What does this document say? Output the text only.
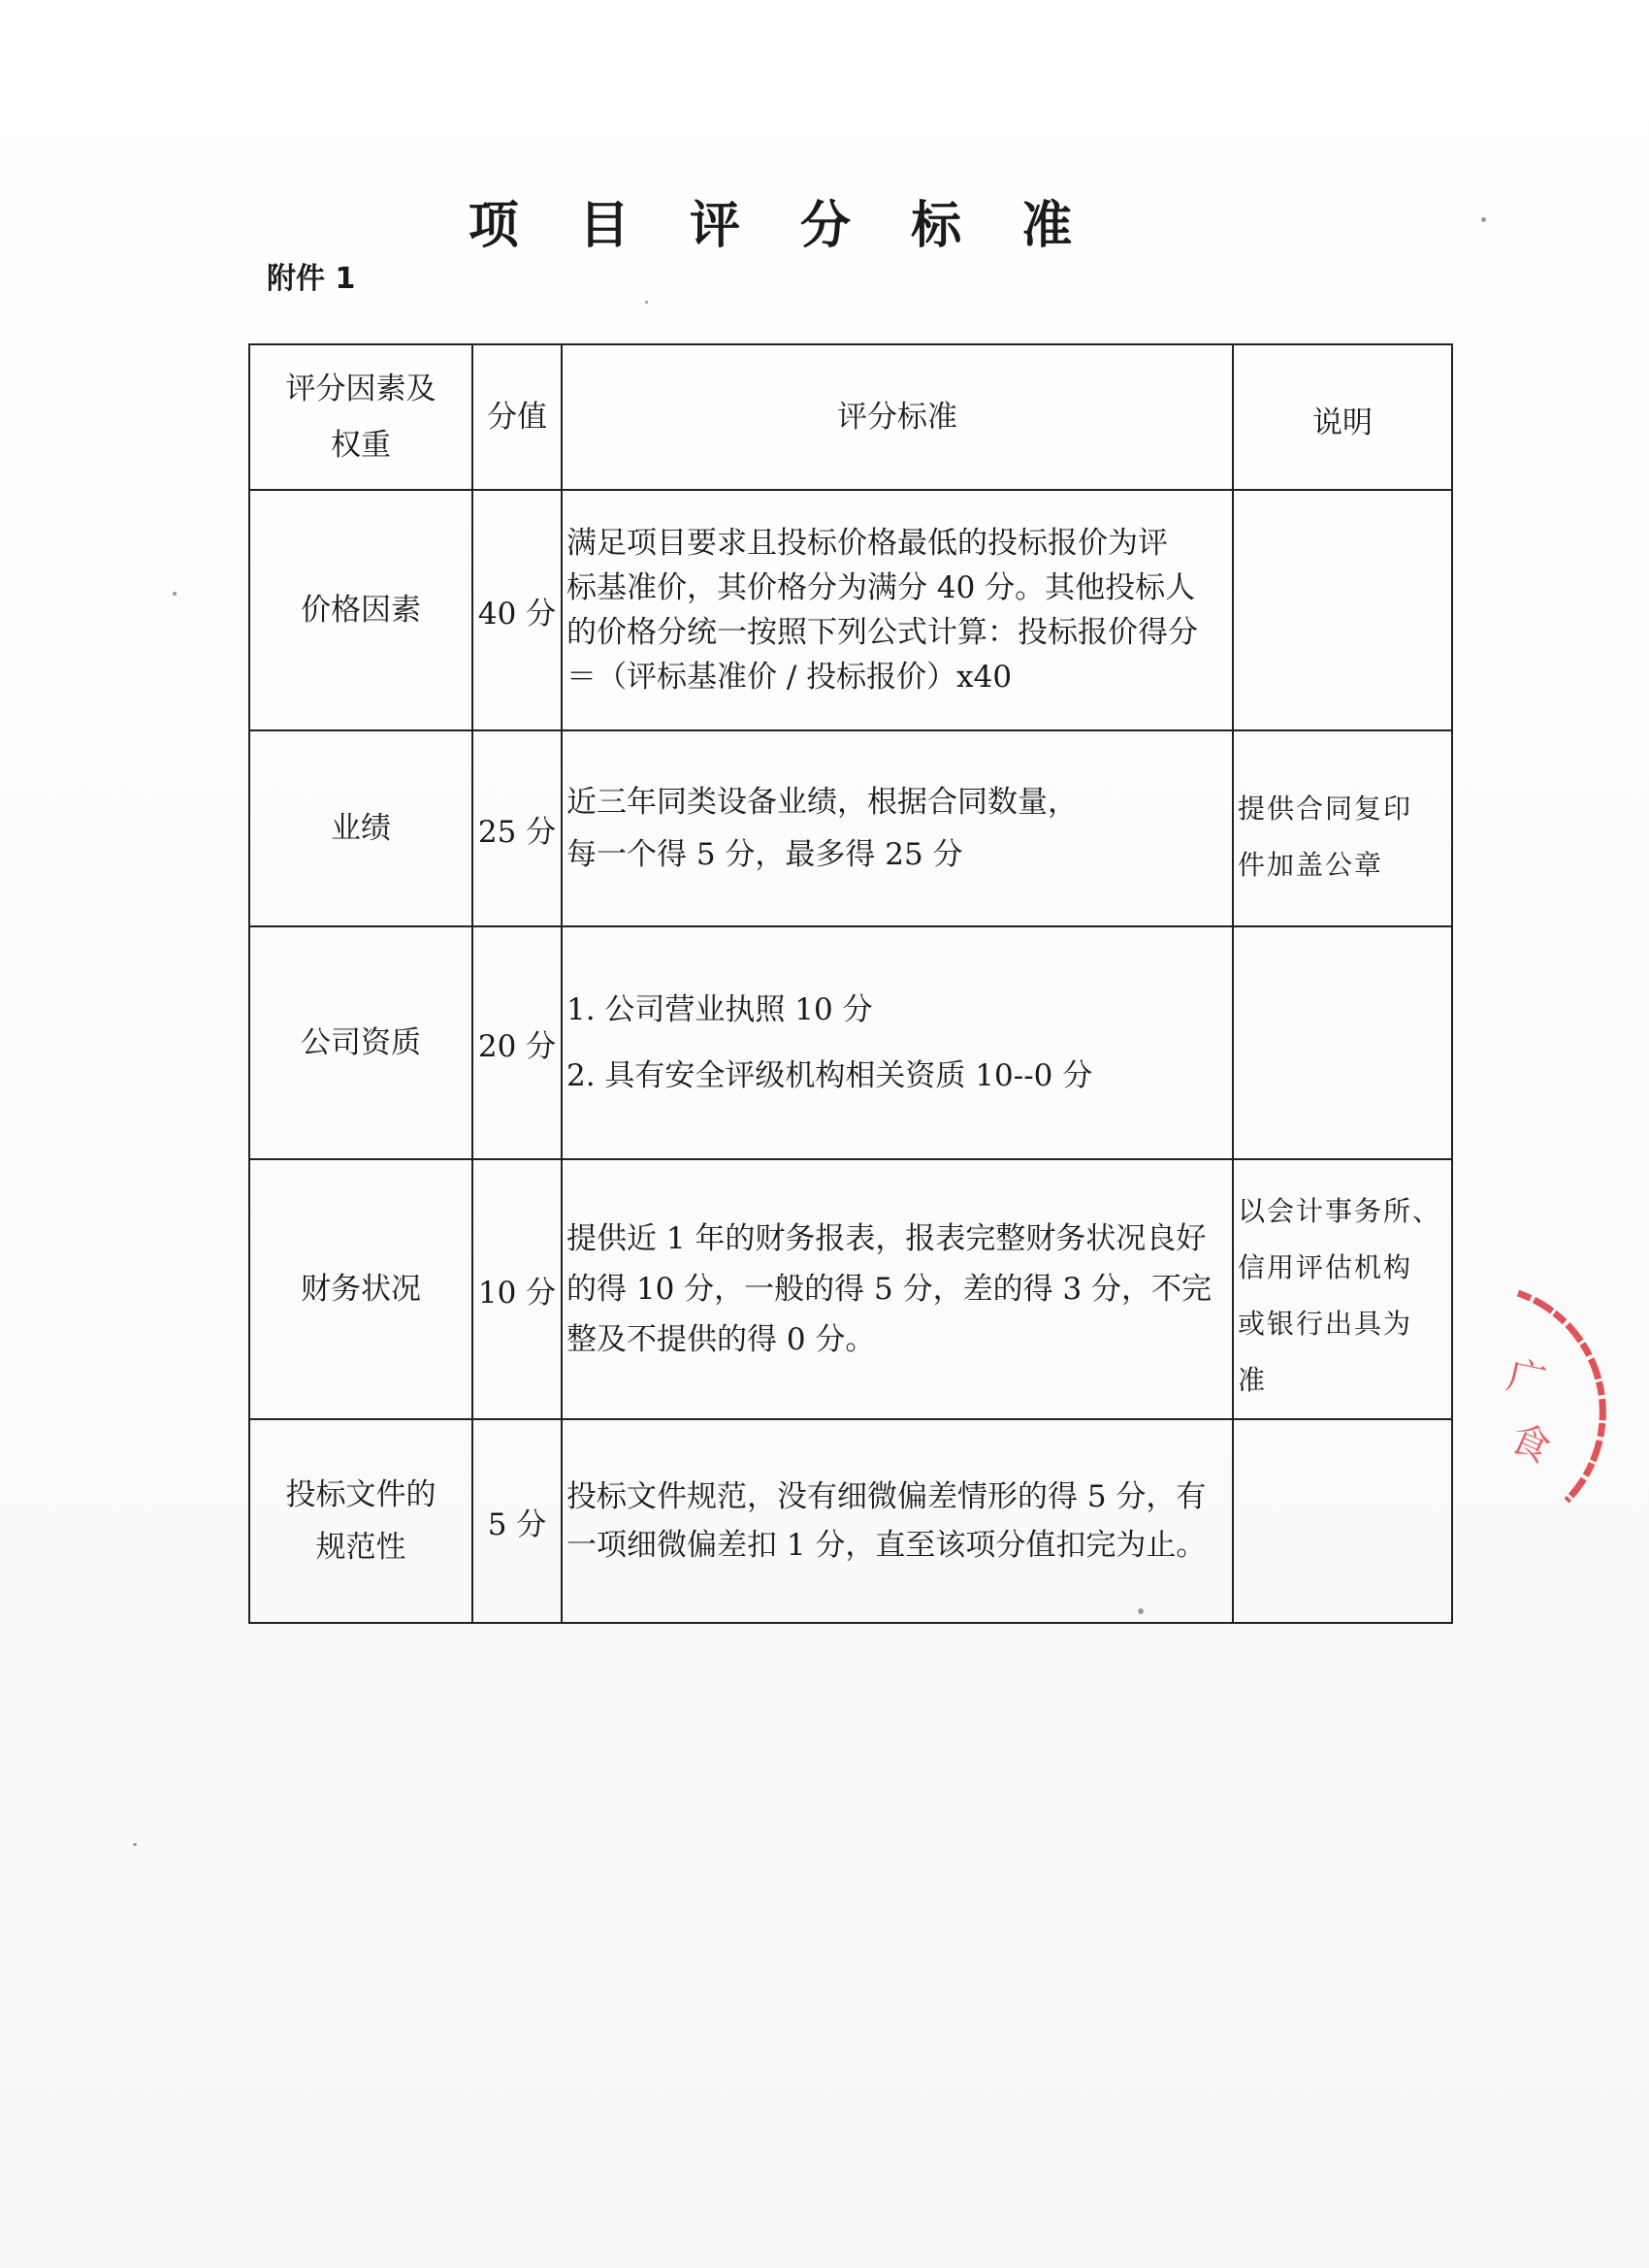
项 目 评 分 标 准
附件 1
评分因素及
权重	分值	评分标准	说明
价格因素	40 分	满足项目要求且投标价格最低的投标报价为评
标基准价，其价格分为满分 40 分。其他投标人
的价格分统一按照下列公式计算：投标报价得分
＝（评标基准价 / 投标报价）x40	

业绩	25 分	近三年同类设备业绩，根据合同数量，
每一个得 5 分，最多得 25 分	提供合同复印
件加盖公章

公司资质	20 分	1. 公司营业执照 10 分
2. 具有安全评级机构相关资质 10--0 分	

财务状况	10 分	提供近 1 年的财务报表，报表完整财务状况良好
的得 10 分，一般的得 5 分，差的得 3 分，不完
整及不提供的得 0 分。	以会计事务所、
信用评估机构
或银行出具为
准

投标文件的
规范性	5 分	投标文件规范，没有细微偏差情形的得 5 分，有
一项细微偏差扣 1 分，直至该项分值扣完为止。	

广
食
